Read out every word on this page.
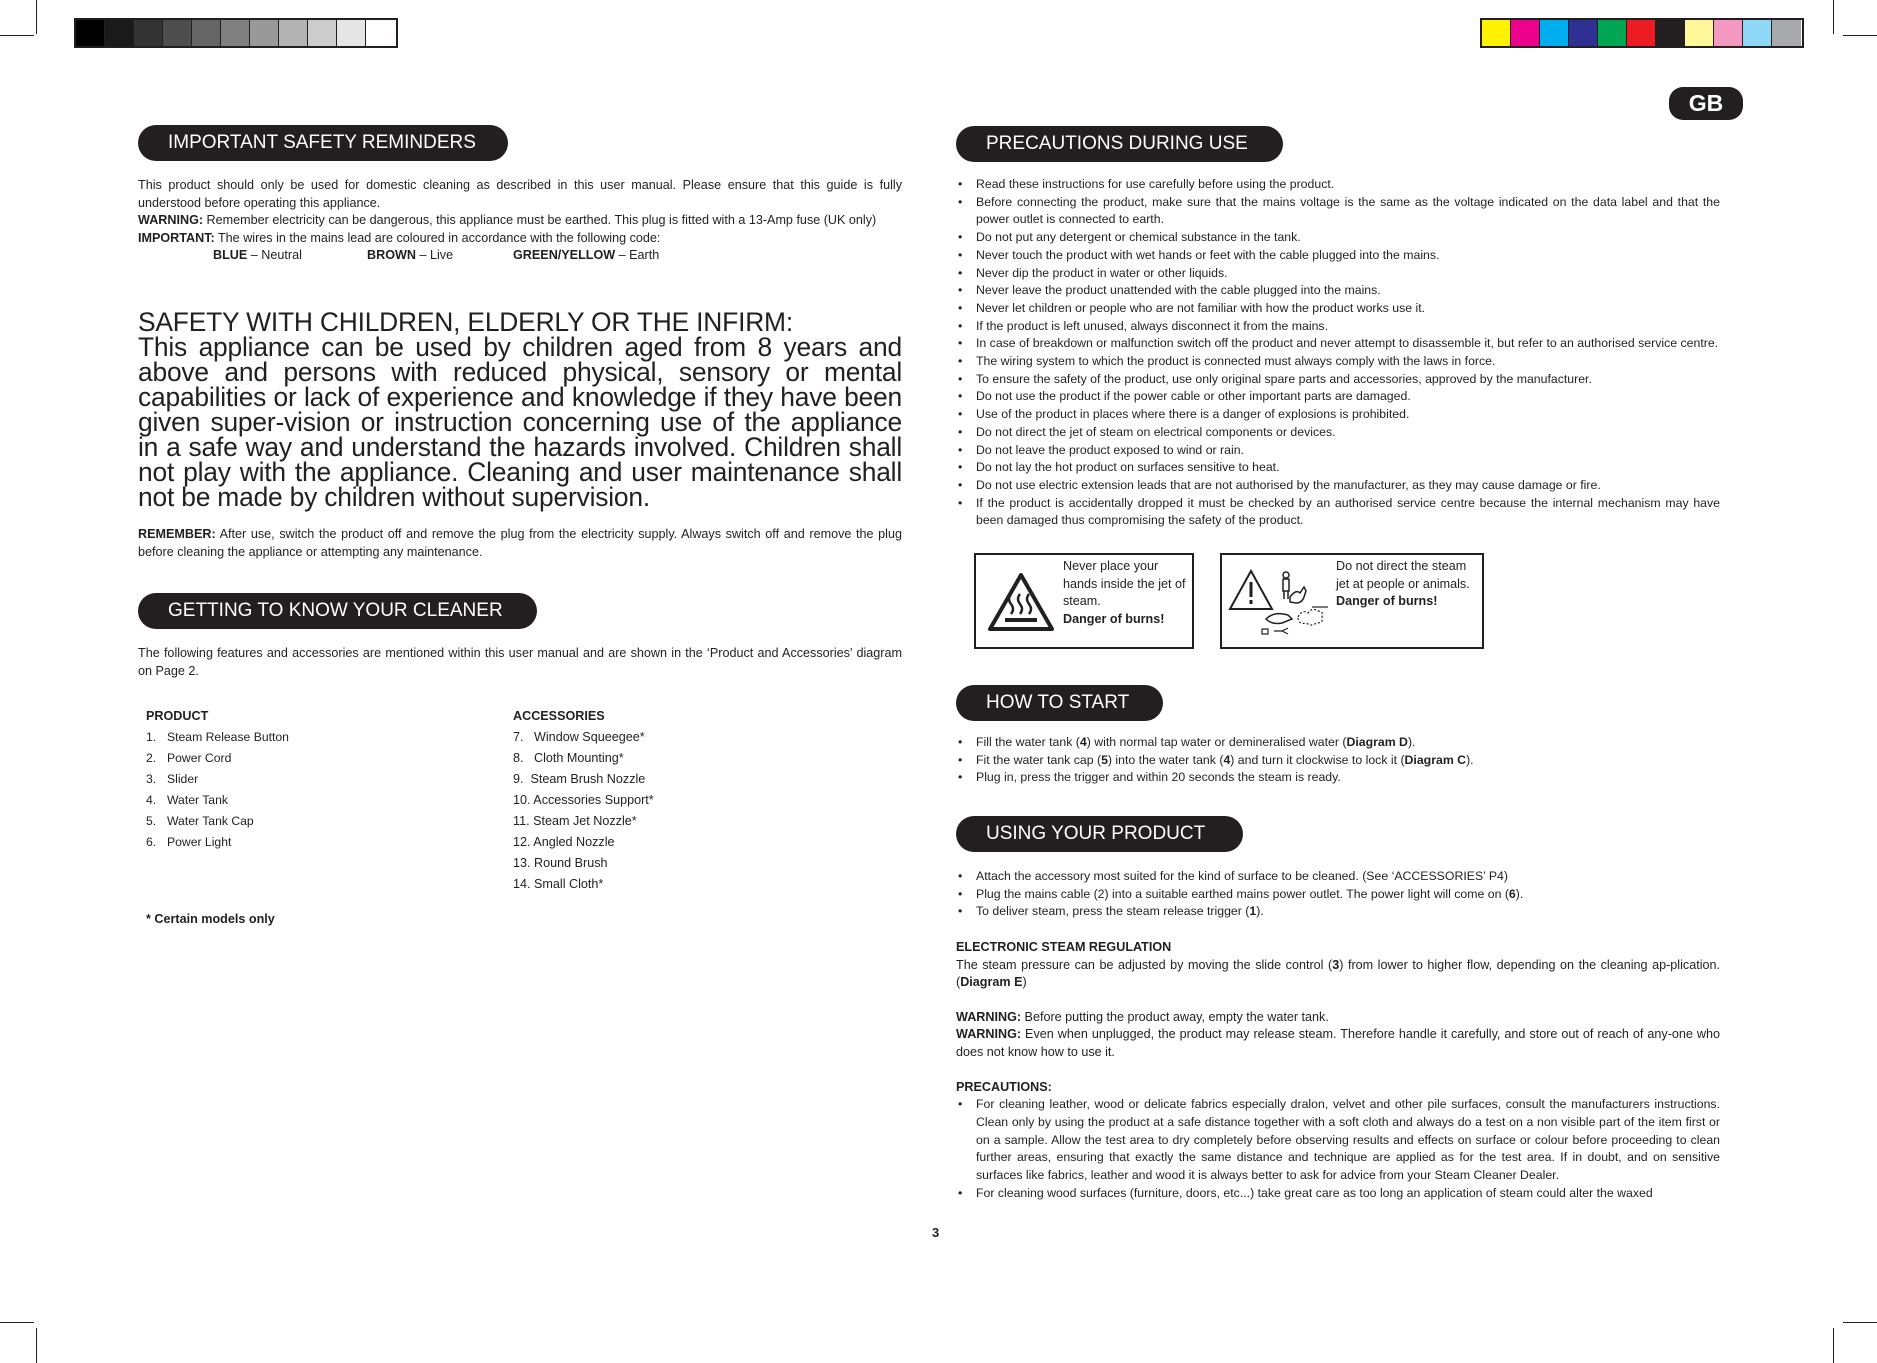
GB
IMPORTANT SAFETY REMINDERS

This product should only be used for domestic cleaning as described in this user manual. Please ensure that this guide is fully understood before operating this appliance.

WARNING: Remember electricity can be dangerous, this appliance must be earthed. This plug is fitted with a 13-Amp fuse (UK only)

IMPORTANT: The wires in the mains lead are coloured in accordance with the following code:

BLUE – Neutral	BROWN – Live	GREEN/YELLOW – Earth

SAFETY WITH CHILDREN, ELDERLY OR THE INFIRM:

This appliance can be used by children aged from 8 years and above and persons with reduced physical, sensory or mental capabilities or lack of experience and knowledge if they have been given super-vision or instruction concerning use of the appliance in a safe way and understand the hazards involved. Children shall not play with the appliance. Cleaning and user maintenance shall not be made by children without supervision.

REMEMBER: After use, switch the product off and remove the plug from the electricity supply. Always switch off and remove the plug before cleaning the appliance or attempting any maintenance.

GETTING TO KNOW YOUR CLEANER

The following features and accessories are mentioned within this user manual and are shown in the ‘Product and Accessories’ diagram on Page 2.

PRODUCT
1. Steam Release Button
2. Power Cord
3. Slider
4. Water Tank
5. Water Tank Cap
6. Power Light
ACCESSORIES
7.   Window Squeegee*
8.   Cloth Mounting*
9.  Steam Brush Nozzle
10. Accessories Support*
11. Steam Jet Nozzle*
12. Angled Nozzle
13. Round Brush
14. Small Cloth*
* Certain models only
PRECAUTIONS DURING USE
• Read these instructions for use carefully before using the product.
• Before connecting the product, make sure that the mains voltage is the same as the voltage indicated on the data label and that the power outlet is connected to earth.
• Do not put any detergent or chemical substance in the tank.
• Never touch the product with wet hands or feet with the cable plugged into the mains.
• Never dip the product in water or other liquids.
• Never leave the product unattended with the cable plugged into the mains.
• Never let children or people who are not familiar with how the product works use it.
• If the product is left unused, always disconnect it from the mains.
• In case of breakdown or malfunction switch off the product and never attempt to disassemble it, but refer to an authorised service centre.
• The wiring system to which the product is connected must always comply with the laws in force.
• To ensure the safety of the product, use only original spare parts and accessories, approved by the manufacturer.
• Do not use the product if the power cable or other important parts are damaged.
• Use of the product in places where there is a danger of explosions is prohibited.
• Do not direct the jet of steam on electrical components or devices.
• Do not leave the product exposed to wind or rain.
• Do not lay the hot product on surfaces sensitive to heat.
• Do not use electric extension leads that are not authorised by the manufacturer, as they may cause damage or fire.
• If the product is accidentally dropped it must be checked by an authorised service centre because the internal mechanism may have been damaged thus compromising the safety of the product.
Never place your hands inside the jet of steam.
Danger of burns!
Do not direct the steam jet at people or animals.
Danger of burns!
HOW TO START
• Fill the water tank (4) with normal tap water or demineralised water (Diagram D).
• Fit the water tank cap (5) into the water tank (4) and turn it clockwise to lock it (Diagram C).
• Plug in, press the trigger and within 20 seconds the steam is ready.
USING YOUR PRODUCT
• Attach the accessory most suited for the kind of surface to be cleaned. (See ‘ACCESSORIES’ P4)
• Plug the mains cable (2) into a suitable earthed mains power outlet. The power light will come on (6).
• To deliver steam, press the steam release trigger (1).

ELECTRONIC STEAM REGULATION

The steam pressure can be adjusted by moving the slide control (3) from lower to higher flow, depending on the cleaning ap-plication. (Diagram E)

WARNING: Before putting the product away, empty the water tank.

WARNING: Even when unplugged, the product may release steam. Therefore handle it carefully, and store out of reach of any-one who does not know how to use it.

PRECAUTIONS:

• For cleaning leather, wood or delicate fabrics especially dralon, velvet and other pile surfaces, consult the manufacturers instructions. Clean only by using the product at a safe distance together with a soft cloth and always do a test on a non visible part of the item first or on a sample. Allow the test area to dry completely before observing results and effects on surface or colour before proceeding to clean further areas, ensuring that exactly the same distance and technique are applied as for the test area. If in doubt, and on sensitive surfaces like fabrics, leather and wood it is always better to ask for advice from your Steam Cleaner Dealer.
• For cleaning wood surfaces (furniture, doors, etc...) take great care as too long an application of steam could alter the waxed
3
